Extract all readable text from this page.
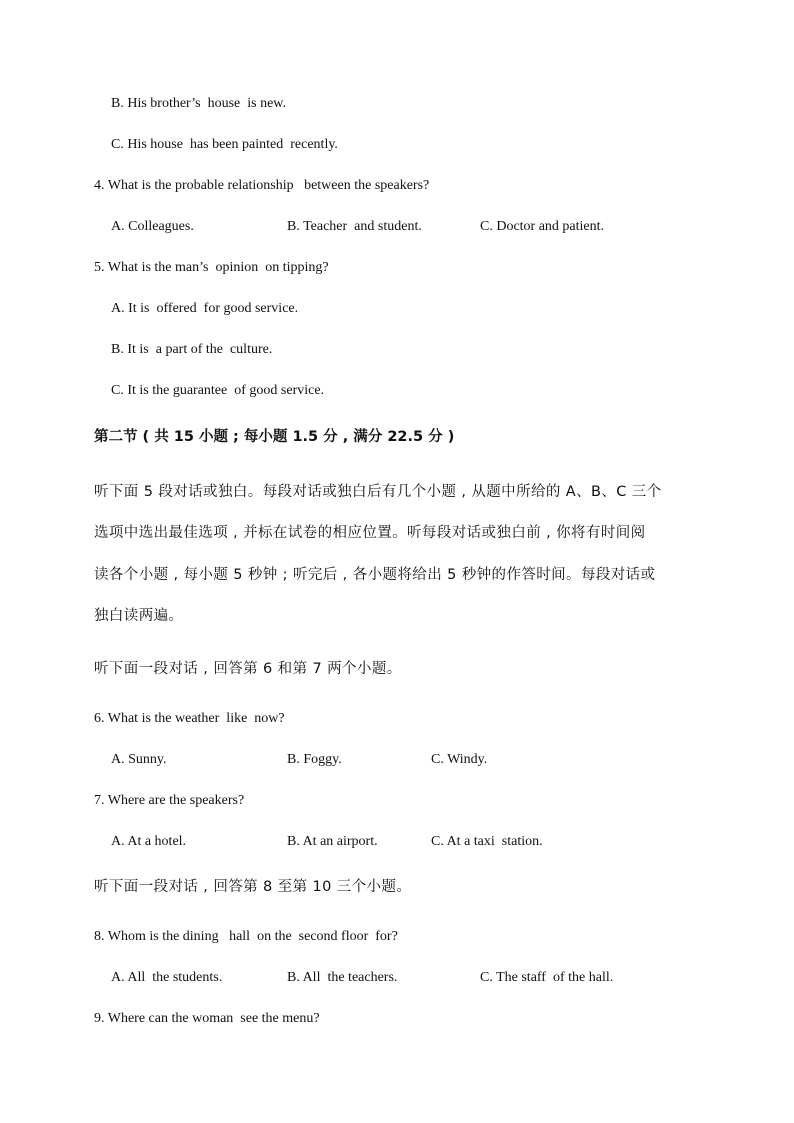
B. His brother’s  house  is new.
C. His house  has been painted  recently.
4. What is the probable relationship   between the speakers?
A. Colleagues.	B. Teacher  and student.	C. Doctor and patient.
5. What is the man’s  opinion  on tipping?
A. It is  offered  for good service.
B. It is  a part of the  culture.
C. It is the guarantee  of good service.
第二节 ( 共 15 小题 ; 每小题 1.5 分 , 满分 22.5 分 )
听下面 5 段对话或独白。每段对话或独白后有几个小题 , 从题中所给的 A、B、C 三个
选项中选出最佳选项 , 并标在试卷的相应位置。听每段对话或独白前 , 你将有时间阅
读各个小题 , 每小题 5 秒钟 ; 听完后 , 各小题将给出 5 秒钟的作答时间。每段对话或
独白读两遍。
听下面一段对话 , 回答第 6 和第 7 两个小题。
6. What is the weather  like  now?
A. Sunny.	B. Foggy.	C. Windy.
7. Where are the speakers?
A. At a hotel.	B. At an airport.	C. At a taxi  station.
听下面一段对话 , 回答第 8 至第 10 三个小题。
8. Whom is the dining   hall  on the  second floor  for?
A. All  the students.	B. All  the teachers.	C. The staff  of the hall.
9. Where can the woman  see the menu?
